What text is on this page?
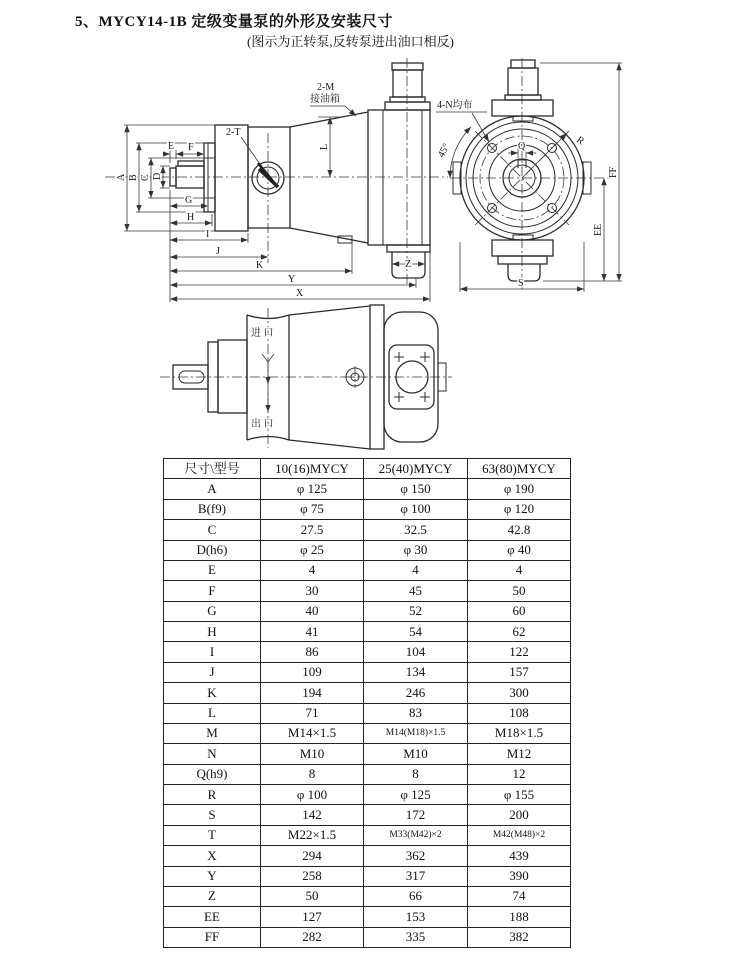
5、MYCY14-1B 定级变量泵的外形及安装尺寸
(图示为正转泵,反转泵进出油口相反)
2-M
接油箱
2-T
A B C D
E F	L
G
H
I
J
K
Y
X
Z
4-N均布
45°	Q	R
FF
EE
S
进 口
出 口
尺寸\型号	10(16)MYCY	25(40)MYCY	63(80)MYCY
A	φ 125	φ 150	φ 190
B(f9)	φ 75	φ 100	φ 120
C	27.5	32.5	42.8
D(h6)	φ 25	φ 30	φ 40
E	4	4	4
F	30	45	50
G	40	52	60
H	41	54	62
I	86	104	122
J	109	134	157
K	194	246	300
L	71	83	108
M	M14×1.5	M14(M18)×1.5	M18×1.5
N	M10	M10	M12
Q(h9)	8	8	12
R	φ 100	φ 125	φ 155
S	142	172	200
T	M22×1.5	M33(M42)×2	M42(M48)×2
X	294	362	439
Y	258	317	390
Z	50	66	74
EE	127	153	188
FF	282	335	382
